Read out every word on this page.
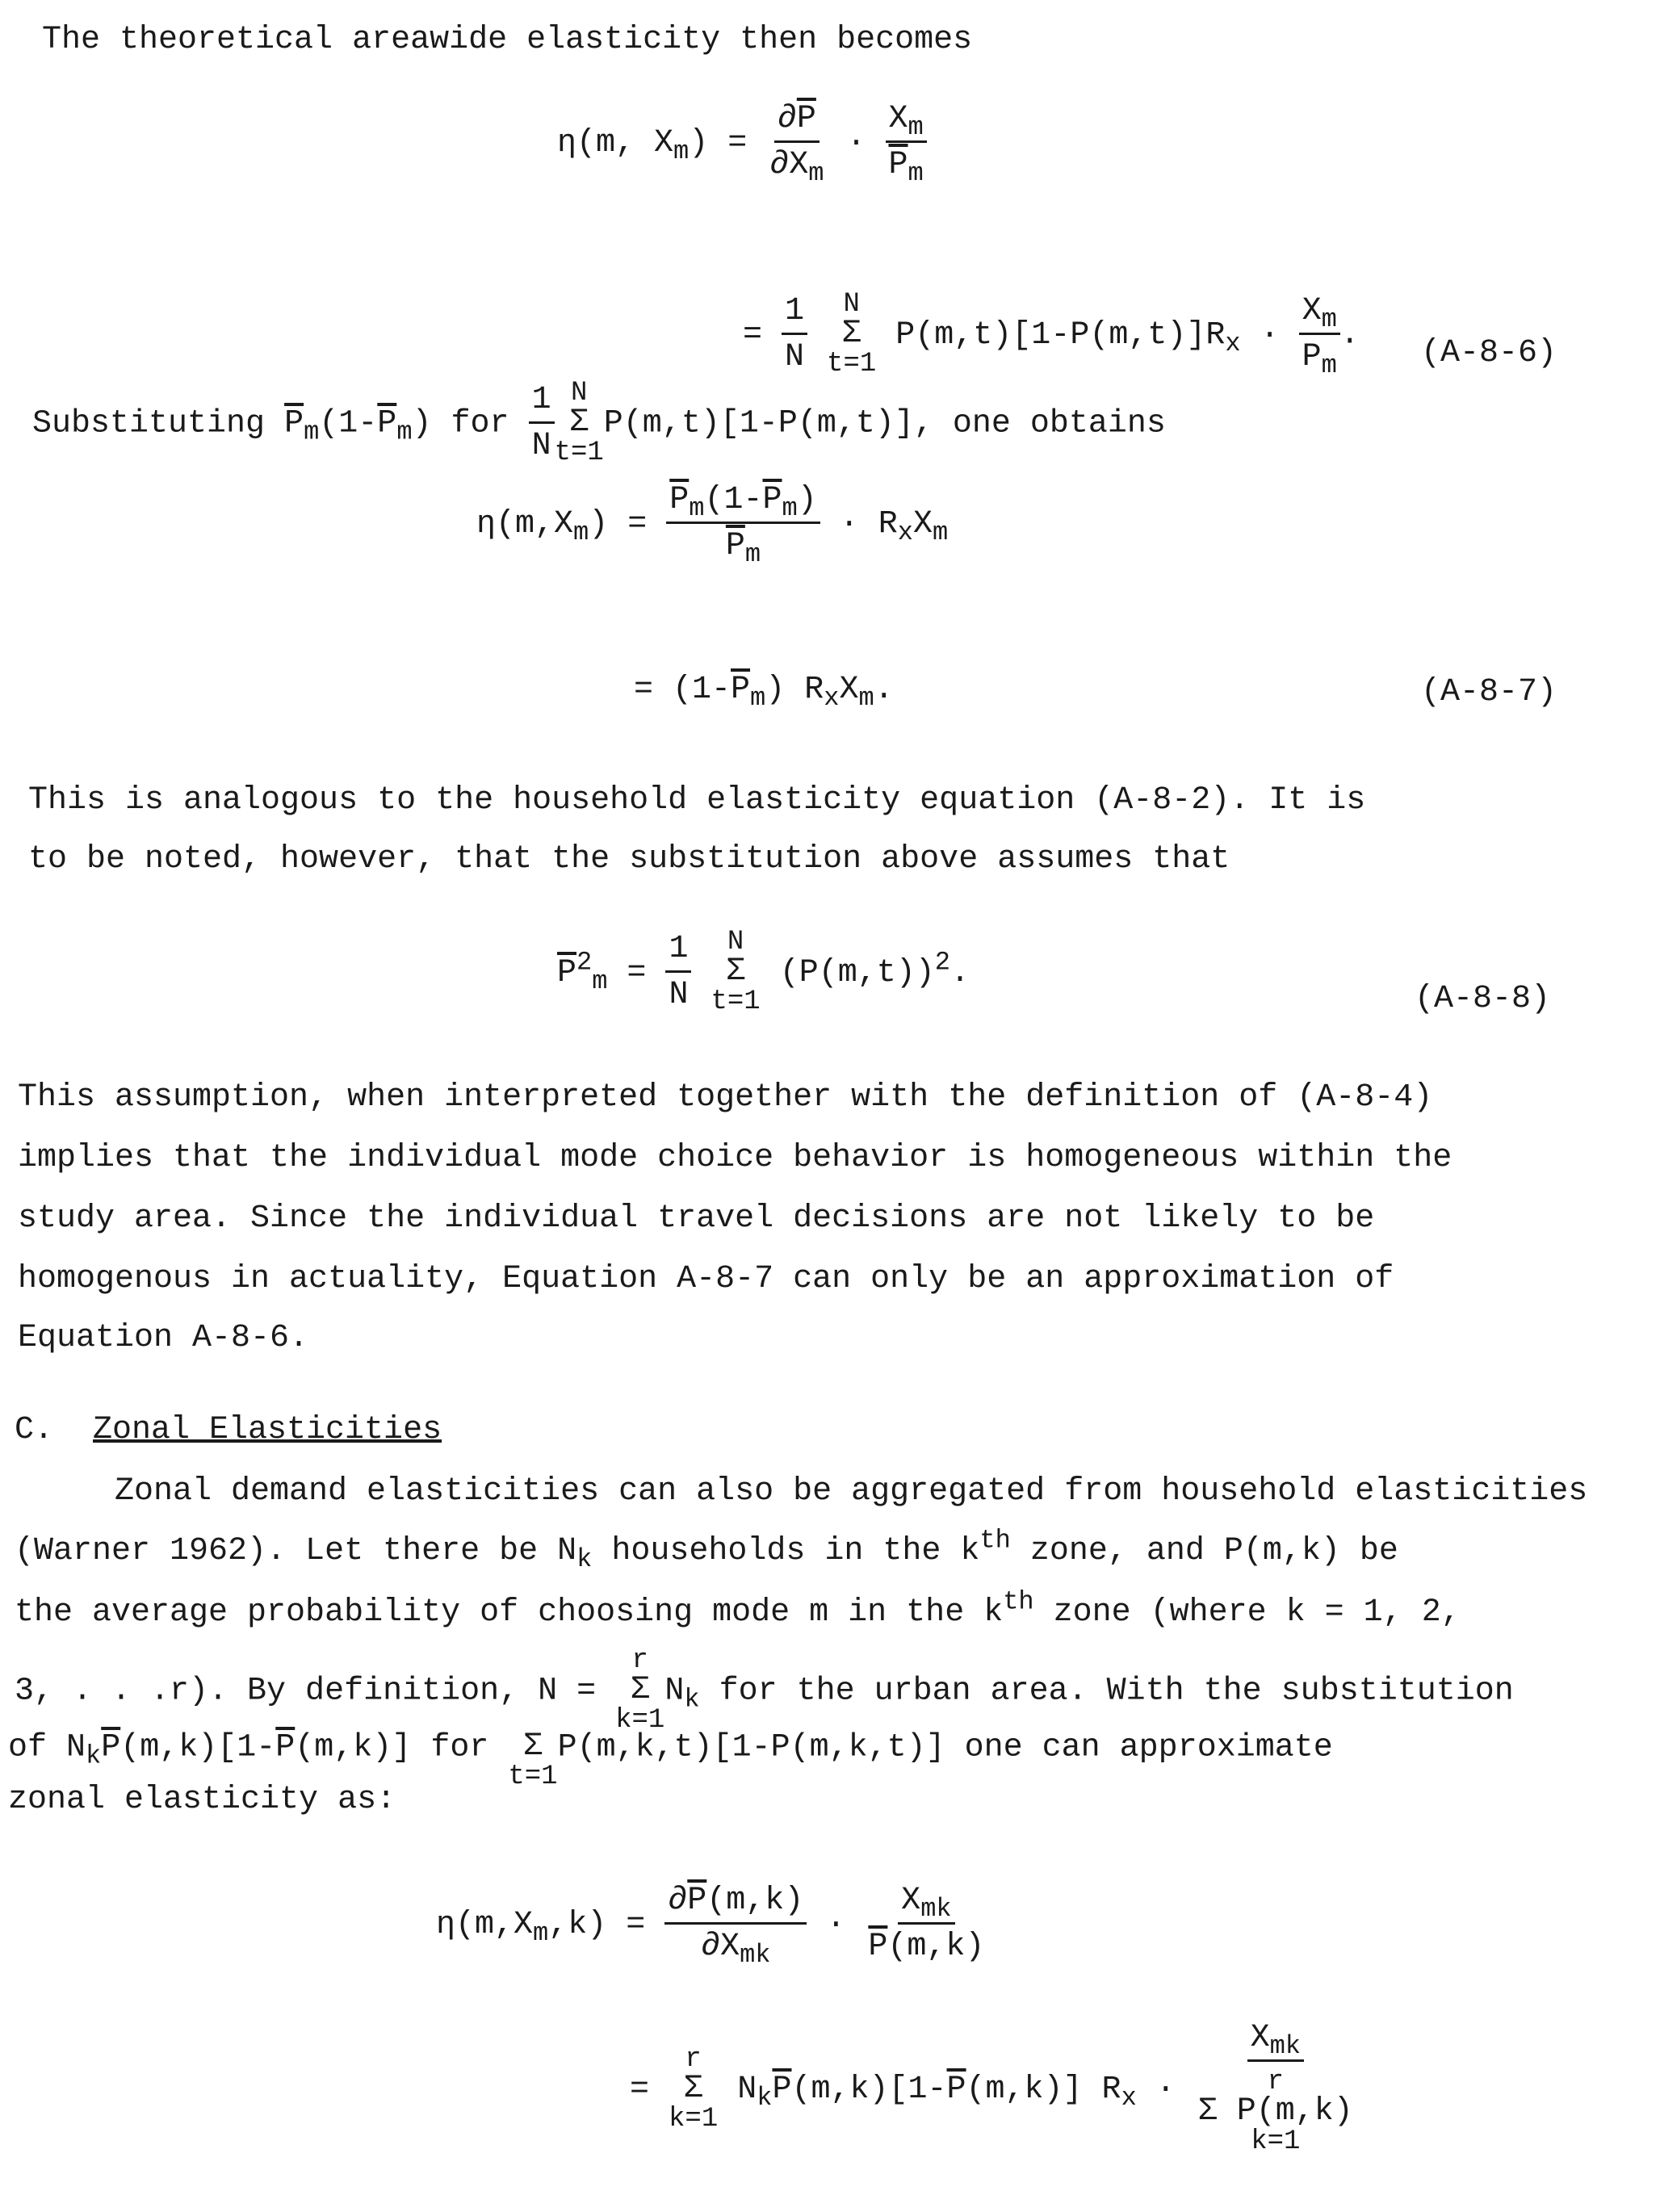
The theoretical areawide elasticity then becomes
η(m, $X_m) = \frac{\partial\overline{P}}{\partial X_m} \cdot \frac{X_m}{\overline{P}_m}$
= $\frac{1}{N}$
N
Σ
t=1
$P(m,t)[1-P(m,t)]R_x \cdot \frac{X_m}{P_m}$ . (A-8-6)
Substituting $\overline{P}_m(1-\overline{P}_m)$ for $\frac{1}{N}$ N
Σ
t=1
P(m,t)[1-P(m,t)], one obtains
$\eta(m,X_m) = \frac{\overline{P}_m(1-\overline{P}_m)}{\overline{P}_m} \cdot R_xX_m$
= $(1-\overline{P}_m)$ $R_xX_m$.	(A-8-7)
This is analogous to the household elasticity equation (A-8-2). It is
to be noted, however, that the substitution above assumes that
$\overline{P}^2_m = \frac{1}{N}$
N
Σ
t=1
$(P(m,t))^2$.
(A-8-8)
This assumption, when interpreted together with the definition of (A-8-4)
implies that the individual mode choice behavior is homogeneous within the
study area. Since the individual travel decisions are not likely to be
homogenous in actuality, Equation A-8-7 can only be an approximation of
Equation A-8-6.
C. Zonal Elasticities
Zonal demand elasticities can also be aggregated from household elasticities
(Warner 1962). Let there be $N_k$ households in the $k^{th}$ zone, and P(m,k) be
the average probability of choosing mode m in the $k^{th}$ zone (where k = 1, 2,
3, . . .r). By definition, N =
r
Σ
k=1
$N_k$ for the urban area. With the substitution
of $N_k\overline{P}(m,k)[1-\overline{P}(m,k)]$ for
Σ
t=1
P(m,k,t)[1-P(m,k,t)] one can approximate
zonal elasticity as:
$\eta(m,X_m,k) = \frac{\partial\overline{P}(m,k)}{\partial X_{mk}} \cdot \frac{X_{mk}}{\overline{P}(m,k)}$
=
r
Σ
k=1
$N_k\overline{P}(m,k)[1-\overline{P}(m,k)] R_x \cdot X_{mk}$
r
Σ P(m,k)
k=1
